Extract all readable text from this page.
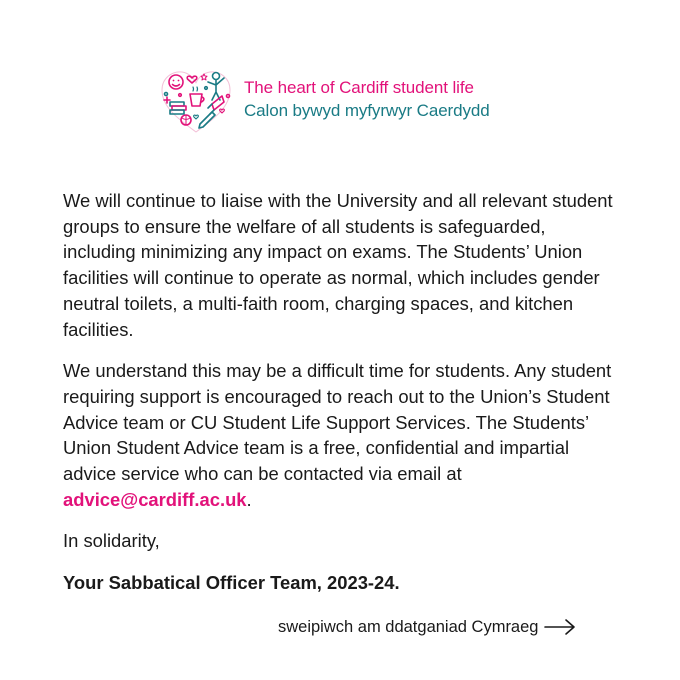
The heart of Cardiff student life
Calon bywyd myfyrwyr Caerdydd

We will continue to liaise with the University and all relevant student groups to ensure the welfare of all students is safeguarded, including minimizing any impact on exams. The Students’ Union facilities will continue to operate as normal, which includes gender neutral toilets, a multi-faith room, charging spaces, and kitchen facilities.

We understand this may be a difficult time for students. Any student requiring support is encouraged to reach out to the Union’s Student Advice team or CU Student Life Support Services. The Students’ Union Student Advice team is a free, confidential and impartial advice service who can be contacted via email at advice@cardiff.ac.uk.

In solidarity,

Your Sabbatical Officer Team, 2023-24.

sweipiwch am ddatganiad Cymraeg
